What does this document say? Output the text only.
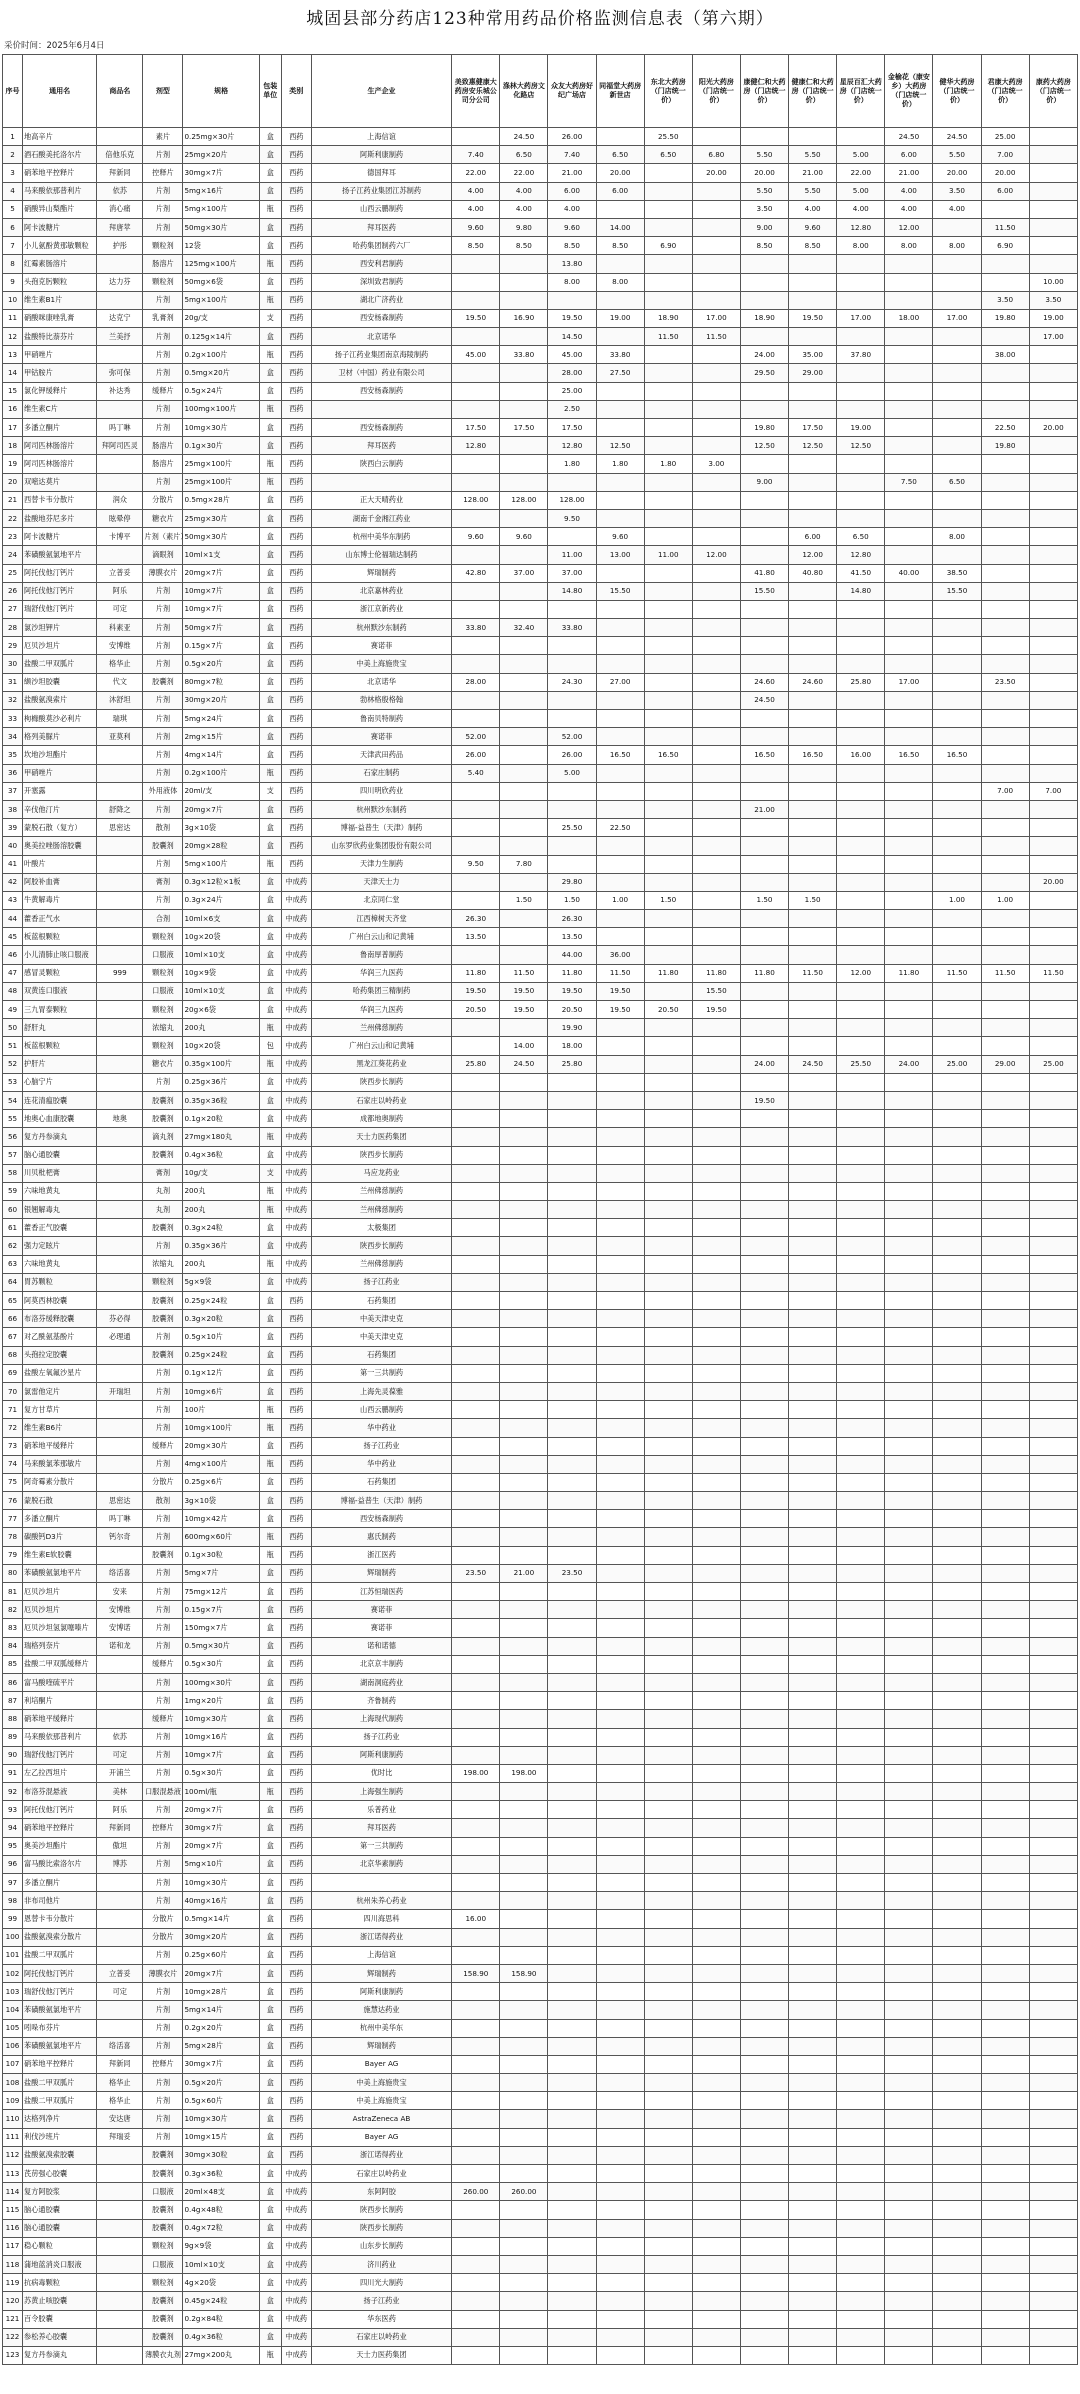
城固县部分药店123种常用药品价格监测信息表（第六期）
采价时间：2025年6月4日
序号	通用名	商品名	剂型	规格	包装单位	类别	生产企业	美致惠健康大药房安乐城公司分公司	涤林大药房文化路店	众友大药房好纪广场店	同福堂大药房新世店	东北大药房（门店统一价）	阳光大药房（门店统一价）	康健仁和大药房（门店统一价）	健康仁和大药房（门店统一价）	星辰百汇大药房（门店统一价）	金榆花（康安乡）大药房（门店统一价）	健华大药房（门店统一价）	君康大药房（门店统一价）	康药大药房（门店统一价）
1	地高辛片		素片	0.25mg×30片	盒	西药	上海信谊		24.50	26.00		25.50					24.50	24.50	25.00	
2	酒石酸美托洛尔片	倍他乐克	片剂	25mg×20片	盒	西药	阿斯利康制药	7.40	6.50	7.40	6.50	6.50	6.80	5.50	5.50	5.00	6.00	5.50	7.00	
3	硝苯地平控释片	拜新同	控释片	30mg×7片	盒	西药	德国拜耳	22.00	22.00	21.00	20.00		20.00	20.00	21.00	22.00	21.00	20.00	20.00	
4	马来酸依那普利片	依苏	片剂	5mg×16片	盒	西药	扬子江药业集团江苏制药	4.00	4.00	6.00	6.00			5.50	5.50	5.00	4.00	3.50	6.00	
5	硝酸异山梨酯片	消心痛	片剂	5mg×100片	瓶	西药	山西云鹏制药	4.00	4.00	4.00				3.50	4.00	4.00	4.00	4.00		
6	阿卡波糖片	拜唐苹	片剂	50mg×30片	盒	西药	拜耳医药	9.60	9.80	9.60	14.00			9.00	9.60	12.80	12.00		11.50	
7	小儿氨酚黄那敏颗粒	护彤	颗粒剂	12袋	盒	西药	哈药集团制药六厂	8.50	8.50	8.50	8.50	6.90		8.50	8.50	8.00	8.00	8.00	6.90	
8	红霉素肠溶片		肠溶片	125mg×100片	瓶	西药	西安利君制药			13.80										
9	头孢克肟颗粒	达力芬	颗粒剂	50mg×6袋	盒	西药	深圳致君制药			8.00	8.00									10.00
10	维生素B1片		片剂	5mg×100片	瓶	西药	湖北广济药业												3.50	3.50
11	硝酸咪康唑乳膏	达克宁	乳膏剂	20g/支	支	西药	西安杨森制药	19.50	16.90	19.50	19.00	18.90	17.00	18.90	19.50	17.00	18.00	17.00	19.80	19.00
12	盐酸特比萘芬片	兰美抒	片剂	0.125g×14片	盒	西药	北京诺华			14.50		11.50	11.50							17.00
13	甲硝唑片		片剂	0.2g×100片	瓶	西药	扬子江药业集团南京海陵制药	45.00	33.80	45.00	33.80			24.00	35.00	37.80			38.00	
14	甲钴胺片	弥可保	片剂	0.5mg×20片	盒	西药	卫材（中国）药业有限公司			28.00	27.50			29.50	29.00					
15	氯化钾缓释片	补达秀	缓释片	0.5g×24片	盒	西药	西安杨森制药			25.00										
16	维生素C片		片剂	100mg×100片	瓶	西药				2.50										
17	多潘立酮片	吗丁啉	片剂	10mg×30片	盒	西药	西安杨森制药	17.50	17.50	17.50				19.80	17.50	19.00			22.50	20.00
18	阿司匹林肠溶片	拜阿司匹灵	肠溶片	0.1g×30片	盒	西药	拜耳医药	12.80		12.80	12.50			12.50	12.50	12.50			19.80	
19	阿司匹林肠溶片		肠溶片	25mg×100片	瓶	西药	陕西白云制药			1.80	1.80	1.80	3.00							
20	双嘧达莫片		片剂	25mg×100片	瓶	西药								9.00			7.50	6.50		
21	西替卡韦分散片	润众	分散片	0.5mg×28片	盒	西药	正大天晴药业	128.00	128.00	128.00										
22	盐酸地芬尼多片	眩晕停	糖衣片	25mg×30片	盒	西药	湖南千金湘江药业			9.50										
23	阿卡波糖片	卡博平	片剂（素片）	50mg×30片	盒	西药	杭州中美华东制药	9.60	9.60		9.60				6.00	6.50		8.00		
24	苯磺酸氨氯地平片		滴眼剂	10ml×1支	盒	西药	山东博士伦福瑞达制药			11.00	13.00	11.00	12.00		12.00	12.80				
25	阿托伐他汀钙片	立普妥	薄膜衣片	20mg×7片	盒	西药	辉瑞制药	42.80	37.00	37.00				41.80	40.80	41.50	40.00	38.50		
26	阿托伐他汀钙片	阿乐	片剂	10mg×7片	盒	西药	北京嘉林药业			14.80	15.50			15.50		14.80		15.50		
27	瑞舒伐他汀钙片	可定	片剂	10mg×7片	盒	西药	浙江京新药业													
28	氯沙坦钾片	科素亚	片剂	50mg×7片	盒	西药	杭州默沙东制药	33.80	32.40	33.80										
29	厄贝沙坦片	安博维	片剂	0.15g×7片	盒	西药	赛诺菲													
30	盐酸二甲双胍片	格华止	片剂	0.5g×20片	盒	西药	中美上海施贵宝													
31	缬沙坦胶囊	代文	胶囊剂	80mg×7粒	盒	西药	北京诺华	28.00		24.30	27.00			24.60	24.60	25.80	17.00		23.50	
32	盐酸氨溴索片	沐舒坦	片剂	30mg×20片	盒	西药	勃林格殷格翰							24.50						
33	枸橼酸莫沙必利片	瑞琪	片剂	5mg×24片	盒	西药	鲁南贝特制药													
34	格列美脲片	亚莫利	片剂	2mg×15片	盒	西药	赛诺菲	52.00		52.00										
35	坎地沙坦酯片		片剂	4mg×14片	盒	西药	天津武田药品	26.00		26.00	16.50	16.50		16.50	16.50	16.00	16.50	16.50		
36	甲硝唑片		片剂	0.2g×100片	瓶	西药	石家庄制药	5.40		5.00										
37	开塞露		外用液体	20ml/支	支	西药	四川明欣药业												7.00	7.00
38	辛伐他汀片	舒降之	片剂	20mg×7片	盒	西药	杭州默沙东制药							21.00						
39	蒙脱石散（复方）	思密达	散剂	3g×10袋	盒	西药	博福-益普生（天津）制药			25.50	22.50									
40	奥美拉唑肠溶胶囊		胶囊剂	20mg×28粒	盒	西药	山东罗欣药业集团股份有限公司													
41	叶酸片		片剂	5mg×100片	瓶	西药	天津力生制药	9.50	7.80											
42	阿胶补血膏		膏剂	0.3g×12粒×1板	盒	中成药	天津天士力			29.80										20.00
43	牛黄解毒片		片剂	0.3g×24片	盒	中成药	北京同仁堂		1.50	1.50	1.00	1.50		1.50	1.50			1.00	1.00	
44	藿香正气水		合剂	10ml×6支	盒	中成药	江西樟树天齐堂	26.30		26.30										
45	板蓝根颗粒		颗粒剂	10g×20袋	盒	中成药	广州白云山和记黄埔	13.50		13.50										
46	小儿清肺止咳口服液		口服液	10ml×10支	盒	中成药	鲁南厚普制药			44.00	36.00									
47	感冒灵颗粒	999	颗粒剂	10g×9袋	盒	中成药	华润三九医药	11.80	11.50	11.80	11.50	11.80	11.80	11.80	11.50	12.00	11.80	11.50	11.50	11.50
48	双黄连口服液		口服液	10ml×10支	盒	中成药	哈药集团三精制药	19.50	19.50	19.50	19.50		15.50							
49	三九胃泰颗粒		颗粒剂	20g×6袋	盒	中成药	华润三九医药	20.50	19.50	20.50	19.50	20.50	19.50							
50	舒肝丸		浓缩丸	200丸	瓶	中成药	兰州佛慈制药			19.90										
51	板蓝根颗粒		颗粒剂	10g×20袋	包	中成药	广州白云山和记黄埔		14.00	18.00										
52	护肝片		糖衣片	0.35g×100片	瓶	中成药	黑龙江葵花药业	25.80	24.50	25.80				24.00	24.50	25.50	24.00	25.00	29.00	25.00
53	心脑宁片		片剂	0.25g×36片	盒	中成药	陕西步长制药													
54	连花清瘟胶囊		胶囊剂	0.35g×36粒	盒	中成药	石家庄以岭药业							19.50						
55	地奥心血康胶囊	地奥	胶囊剂	0.1g×20粒	盒	中成药	成都地奥制药													
56	复方丹参滴丸		滴丸剂	27mg×180丸	瓶	中成药	天士力医药集团													
57	脑心通胶囊		胶囊剂	0.4g×36粒	盒	中成药	陕西步长制药													
58	川贝枇杷膏		膏剂	10g/支	支	中成药	马应龙药业													
59	六味地黄丸		丸剂	200丸	瓶	中成药	兰州佛慈制药													
60	银翘解毒丸		丸剂	200丸	瓶	中成药	兰州佛慈制药													
61	藿香正气胶囊		胶囊剂	0.3g×24粒	盒	中成药	太极集团													
62	强力定眩片		片剂	0.35g×36片	盒	中成药	陕西步长制药													
63	六味地黄丸		浓缩丸	200丸	瓶	中成药	兰州佛慈制药													
64	胃苏颗粒		颗粒剂	5g×9袋	盒	中成药	扬子江药业													
65	阿莫西林胶囊		胶囊剂	0.25g×24粒	盒	西药	石药集团													
66	布洛芬缓释胶囊	芬必得	胶囊剂	0.3g×20粒	盒	西药	中美天津史克													
67	对乙酰氨基酚片	必理通	片剂	0.5g×10片	盒	西药	中美天津史克													
68	头孢拉定胶囊		胶囊剂	0.25g×24粒	盒	西药	石药集团													
69	盐酸左氧氟沙星片		片剂	0.1g×12片	盒	西药	第一三共制药													
70	氯雷他定片	开瑞坦	片剂	10mg×6片	盒	西药	上海先灵葆雅													
71	复方甘草片		片剂	100片	瓶	西药	山西云鹏制药													
72	维生素B6片		片剂	10mg×100片	瓶	西药	华中药业													
73	硝苯地平缓释片		缓释片	20mg×30片	盒	西药	扬子江药业													
74	马来酸氯苯那敏片		片剂	4mg×100片	瓶	西药	华中药业													
75	阿奇霉素分散片		分散片	0.25g×6片	盒	西药	石药集团													
76	蒙脱石散	思密达	散剂	3g×10袋	盒	西药	博福-益普生（天津）制药													
77	多潘立酮片	吗丁啉	片剂	10mg×42片	盒	西药	西安杨森制药													
78	碳酸钙D3片	钙尔奇	片剂	600mg×60片	瓶	西药	惠氏制药													
79	维生素E软胶囊		胶囊剂	0.1g×30粒	瓶	西药	浙江医药													
80	苯磺酸氨氯地平片	络活喜	片剂	5mg×7片	盒	西药	辉瑞制药	23.50	21.00	23.50										
81	厄贝沙坦片	安来	片剂	75mg×12片	盒	西药	江苏恒瑞医药													
82	厄贝沙坦片	安博维	片剂	0.15g×7片	盒	西药	赛诺菲													
83	厄贝沙坦氢氯噻嗪片	安博诺	片剂	150mg×7片	盒	西药	赛诺菲													
84	瑞格列奈片	诺和龙	片剂	0.5mg×30片	盒	西药	诺和诺德													
85	盐酸二甲双胍缓释片		缓释片	0.5g×30片	盒	西药	北京京丰制药													
86	富马酸喹硫平片		片剂	100mg×30片	盒	西药	湖南洞庭药业													
87	利培酮片		片剂	1mg×20片	盒	西药	齐鲁制药													
88	硝苯地平缓释片		缓释片	10mg×30片	盒	西药	上海现代制药													
89	马来酸依那普利片	依苏	片剂	10mg×16片	盒	西药	扬子江药业													
90	瑞舒伐他汀钙片	可定	片剂	10mg×7片	盒	西药	阿斯利康制药													
91	左乙拉西坦片	开浦兰	片剂	0.5g×30片	盒	西药	优时比	198.00	198.00											
92	布洛芬混悬液	美林	口服混悬液	100ml/瓶	瓶	西药	上海强生制药													
93	阿托伐他汀钙片	阿乐	片剂	20mg×7片	盒	西药	乐普药业													
94	硝苯地平控释片	拜新同	控释片	30mg×7片	盒	西药	拜耳医药													
95	奥美沙坦酯片	傲坦	片剂	20mg×7片	盒	西药	第一三共制药													
96	富马酸比索洛尔片	博苏	片剂	5mg×10片	盒	西药	北京华素制药													
97	多潘立酮片		片剂	10mg×30片	盒	西药														
98	非布司他片		片剂	40mg×16片	盒	西药	杭州朱养心药业													
99	恩替卡韦分散片		分散片	0.5mg×14片	盒	西药	四川海思科	16.00												
100	盐酸氨溴索分散片		分散片	30mg×20片	盒	西药	浙江诺得药业													
101	盐酸二甲双胍片		片剂	0.25g×60片	盒	西药	上海信谊													
102	阿托伐他汀钙片	立普妥	薄膜衣片	20mg×7片	盒	西药	辉瑞制药	158.90	158.90											
103	瑞舒伐他汀钙片	可定	片剂	10mg×28片	盒	西药	阿斯利康制药													
104	苯磺酸氨氯地平片		片剂	5mg×14片	盒	西药	施慧达药业													
105	吲哚布芬片		片剂	0.2g×20片	盒	西药	杭州中美华东													
106	苯磺酸氨氯地平片	络活喜	片剂	5mg×28片	盒	西药	辉瑞制药													
107	硝苯地平控释片	拜新同	控释片	30mg×7片	盒	西药	Bayer AG													
108	盐酸二甲双胍片	格华止	片剂	0.5g×20片	盒	西药	中美上海施贵宝													
109	盐酸二甲双胍片	格华止	片剂	0.5g×60片	盒	西药	中美上海施贵宝													
110	达格列净片	安达唐	片剂	10mg×30片	盒	西药	AstraZeneca AB													
111	利伐沙班片	拜瑞妥	片剂	10mg×15片	盒	西药	Bayer AG													
112	盐酸氨溴索胶囊		胶囊剂	30mg×30粒	盒	西药	浙江诺得药业													
113	芪苈强心胶囊		胶囊剂	0.3g×36粒	盒	中成药	石家庄以岭药业													
114	复方阿胶浆		口服液	20ml×48支	盒	中成药	东阿阿胶	260.00	260.00											
115	脑心通胶囊		胶囊剂	0.4g×48粒	盒	中成药	陕西步长制药													
116	脑心通胶囊		胶囊剂	0.4g×72粒	盒	中成药	陕西步长制药													
117	稳心颗粒		颗粒剂	9g×9袋	盒	中成药	山东步长制药													
118	蒲地蓝消炎口服液		口服液	10ml×10支	盒	中成药	济川药业													
119	抗病毒颗粒		颗粒剂	4g×20袋	盒	中成药	四川光大制药													
120	苏黄止咳胶囊		胶囊剂	0.45g×24粒	盒	中成药	扬子江药业													
121	百令胶囊		胶囊剂	0.2g×84粒	盒	中成药	华东医药													
122	参松养心胶囊		胶囊剂	0.4g×36粒	盒	中成药	石家庄以岭药业													
123	复方丹参滴丸		薄膜衣丸剂	27mg×200丸	瓶	中成药	天士力医药集团													
